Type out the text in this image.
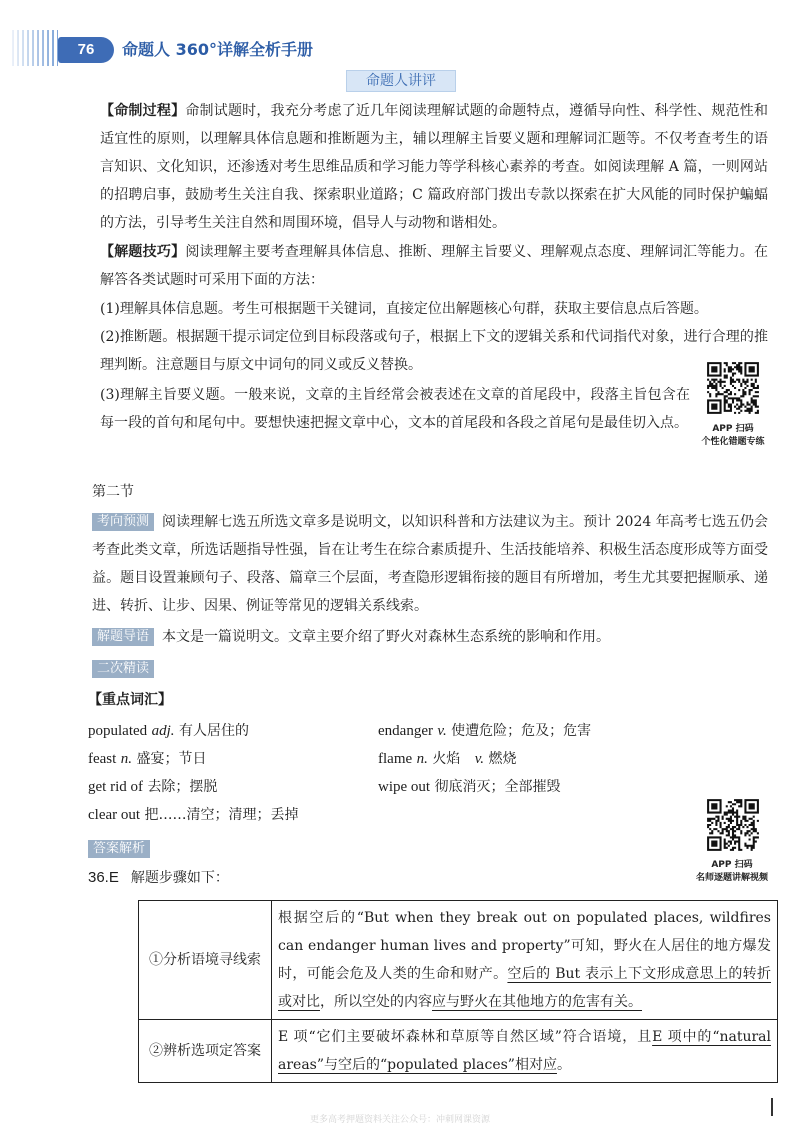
76	命题人 360°详解全析手册
命题人讲评
【命制过程】命制试题时，我充分考虑了近几年阅读理解试题的命题特点，遵循导向性、科学性、规范性和适宜性的原则，以理解具体信息题和推断题为主，辅以理解主旨要义题和理解词汇题等。不仅考查考生的语言知识、文化知识，还渗透对考生思维品质和学习能力等学科核心素养的考查。如阅读理解 A 篇，一则网站的招聘启事，鼓励考生关注自我、探索职业道路；C 篇政府部门拨出专款以探索在扩大风能的同时保护蝙蝠的方法，引导考生关注自然和周围环境，倡导人与动物和谐相处。
【解题技巧】阅读理解主要考查理解具体信息、推断、理解主旨要义、理解观点态度、理解词汇等能力。在解答各类试题时可采用下面的方法：
(1)理解具体信息题。考生可根据题干关键词，直接定位出解题核心句群，获取主要信息点后答题。
(2)推断题。根据题干提示词定位到目标段落或句子，根据上下文的逻辑关系和代词指代对象，进行合理的推理判断。注意题目与原文中词句的同义或反义替换。
(3)理解主旨要义题。一般来说，文章的主旨经常会被表述在文章的首尾段中，段落主旨包含在每一段的首句和尾句中。要想快速把握文章中心，文本的首尾段和各段之首尾句是最佳切入点。	APP 扫码
个性化错题专练
第二节
考向预测 阅读理解七选五所选文章多是说明文，以知识科普和方法建议为主。预计 2024 年高考七选五仍会考查此类文章，所选话题指导性强，旨在让考生在综合素质提升、生活技能培养、积极生活态度形成等方面受益。题目设置兼顾句子、段落、篇章三个层面，考查隐形逻辑衔接的题目有所增加，考生尤其要把握顺承、递进、转折、让步、因果、例证等常见的逻辑关系线索。
解题导语 本文是一篇说明文。文章主要介绍了野火对森林生态系统的影响和作用。
二次精读
【重点词汇】
populated adj. 有人居住的
feast n. 盛宴；节日
get rid of 去除；摆脱
clear out 把……清空；清理；丢掉
endanger v. 使遭危险；危及；危害
flame n. 火焰 v. 燃烧
wipe out 彻底消灭；全部摧毁
APP 扫码
名师逐题讲解视频
答案解析
36.E 解题步骤如下：
①分析语境寻线索	根据空后的“But when they break out on populated places, wildfires can endanger human lives and property”可知，野火在人居住的地方爆发时，可能会危及人类的生命和财产。空后的 But 表示上下文形成意思上的转折或对比，所以空处的内容应与野火在其他地方的危害有关。
②辨析选项定答案	E 项“它们主要破坏森林和草原等自然区域”符合语境，且E 项中的“natural areas”与空后的“populated places”相对应。
更多高考押题资料关注公众号：冲刺网课资源
